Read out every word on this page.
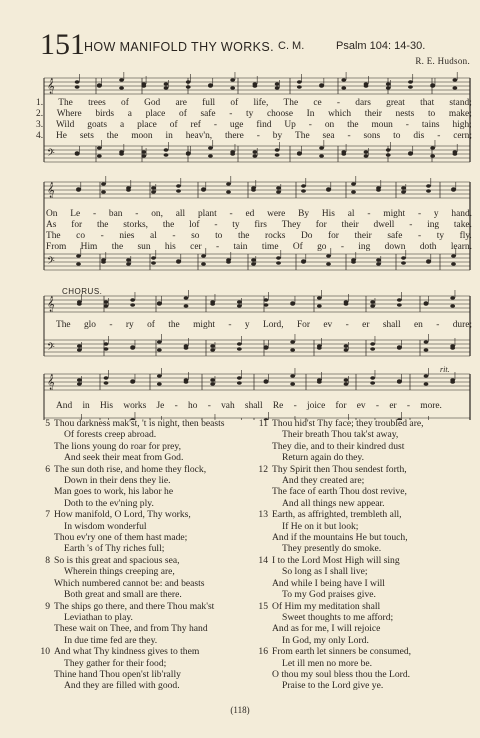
151 HOW MANIFOLD THY WORKS. C. M.	Psalm 104: 14-30.
R. E. Hudson.
𝄞
𝄢
𝄞
𝄢
𝄞
𝄢
𝄞
1. The trees of God are full of life, The ce - dars great that stand;
2. Where birds a place of safe - ty choose In which their nests to make;
3. Wild goats a place of ref - uge find Up - on the moun - tains high;
4. He sets the moon in heav'n, there - by The sea - sons to dis - cern;
On Le - ban - on, all plant - ed were By His al - might - y hand.
As for the storks, the lof - ty firs They for their dwell - ing take.
The co - nies al - so to the rocks Do for their safe - ty fly.
From Him the sun his cer - tain time Of go - ing down doth learn.
CHORUS.
The glo - ry of the might - y Lord, For ev - er shall en - dure;
rit.
And in His works Je - ho - vah shall Re - joice for ev - er - more.
5 Thou darkness mak'st, 't is night, then beasts
Of forests creep abroad.
The lions young do roar for prey,
And seek their meat from God.
6 The sun doth rise, and home they flock,
Down in their dens they lie.
Man goes to work, his labor he
Doth to the ev'ning ply.
7 How manifold, O Lord, Thy works,
In wisdom wonderful
Thou ev'ry one of them hast made;
Earth 's of Thy riches full;
8 So is this great and spacious sea,
Wherein things creeping are,
Which numbered cannot be: and beasts
Both great and small are there.
9 The ships go there, and there Thou mak'st
Leviathan to play.
These wait on Thee, and from Thy hand
In due time fed are they.
10 And what Thy kindness gives to them
They gather for their food;
Thine hand Thou open'st lib'rally
And they are filled with good.
11 Thou hid'st Thy face; they troubled are,
Their breath Thou tak'st away,
They die, and to their kindred dust
Return again do they.
12 Thy Spirit then Thou sendest forth,
And they created are;
The face of earth Thou dost revive,
And all things new appear.
13 Earth, as affrighted, trembleth all,
If He on it but look;
And if the mountains He but touch,
They presently do smoke.
14 I to the Lord Most High will sing
So long as I shall live;
And while I being have I will
To my God praises give.
15 Of Him my meditation shall
Sweet thoughts to me afford;
And as for me, I will rejoice
In God, my only Lord.
16 From earth let sinners be consumed,
Let ill men no more be.
O thou my soul bless thou the Lord.
Praise to the Lord give ye.
(118)
